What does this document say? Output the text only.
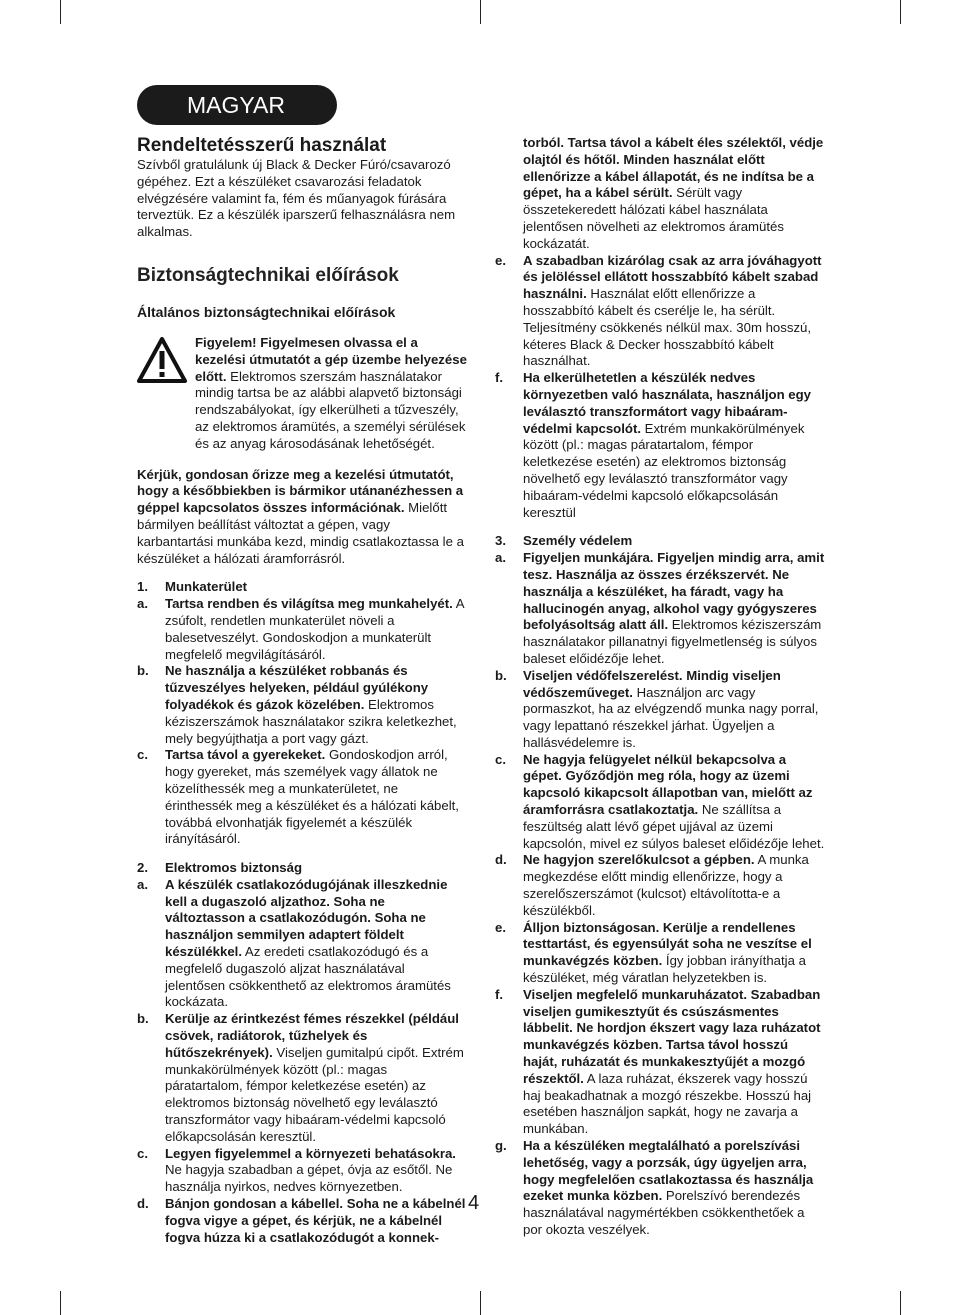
MAGYAR
Rendeltetésszerű használat

Szívből gratulálunk új Black & Decker Fúró/csavarozó gépéhez. Ezt a készüléket csavarozási feladatok elvégzésére valamint fa, fém és műanyagok fúrására terveztük. Ez a készülék iparszerű felhasználásra nem alkalmas.

Biztonságtechnikai előírások
Általános biztonságtechnikai előírások

Figyelem! Figyelmesen olvassa el a kezelési útmutatót a gép üzembe helyezése előtt. Elektromos szerszám használatakor mindig tartsa be az alábbi alapvető biztonsági rendszabályokat, így elkerülheti a tűzveszély, az elektromos áramütés, a személyi sérülések és az anyag károsodásának lehetőségét.

Kérjük, gondosan őrizze meg a kezelési útmutatót, hogy a későbbiekben is bármikor utánanézhessen a géppel kapcsolatos összes információnak. Mielőtt bármilyen beállítást változtat a gépen, vagy karbantartási munkába kezd, mindig csatlakoztassa le a készüléket a hálózati áramforrásról.

1.	Munkaterület
a.	Tartsa rendben és világítsa meg munkahelyét. A zsúfolt, rendetlen munkaterület növeli a balesetveszélyt. Gondoskodjon a munkaterült megfelelő megvilágításáról.
b.	Ne használja a készüléket robbanás és tűzveszélyes helyeken, például gyúlékony folyadékok és gázok közelében. Elektromos kéziszerszámok használatakor szikra keletkezhet, mely begyújthatja a port vagy gázt.
c.	Tartsa távol a gyerekeket. Gondoskodjon arról, hogy gyereket, más személyek vagy állatok ne közelíthessék meg a munkaterületet, ne érinthessék meg a készüléket és a hálózati kábelt, továbbá elvonhatják figyelemét a készülék irányításáról.
2.	Elektromos biztonság
a.	A készülék csatlakozódugójának illeszkednie kell a dugaszoló aljzathoz. Soha ne változtasson a csatlakozódugón. Soha ne használjon semmilyen adaptert földelt készülékkel. Az eredeti csatlakozódugó és a megfelelő dugaszoló aljzat használatával jelentősen csökkenthető az elektromos áramütés kockázata.
b.	Kerülje az érintkezést fémes részekkel (például csövek, radiátorok, tűzhelyek és hűtőszekrények). Viseljen gumitalpú cipőt. Extrém munkakörülmények között (pl.: magas páratartalom, fémpor keletkezése esetén) az elektromos biztonság növelhető egy leválasztó transzformátor vagy hibaáram-védelmi kapcsoló előkapcsolásán keresztül.
c.	Legyen figyelemmel a környezeti behatásokra. Ne hagyja szabadban a gépet, óvja az esőtől. Ne használja nyirkos, nedves környezetben.
d.	Bánjon gondosan a kábellel. Soha ne a kábelnél fogva vigye a gépet, és kérjük, ne a kábelnél fogva húzza ki a csatlakozódugót a konnek-
torból. Tartsa távol a kábelt éles szélektől, védje olajtól és hőtől. Minden használat előtt ellenőrizze a kábel állapotát, és ne indítsa be a gépet, ha a kábel sérült. Sérült vagy összetekeredett hálózati kábel használata jelentősen növelheti az elektromos áramütés kockázatát.
e.	A szabadban kizárólag csak az arra jóváhagyott és jelöléssel ellátott hosszabbító kábelt szabad használni. Használat előtt ellenőrizze a hosszabbító kábelt és cserélje le, ha sérült. Teljesítmény csökkenés nélkül max. 30m hosszú, kéteres Black & Decker hosszabbító kábelt használhat.
f.	Ha elkerülhetetlen a készülék nedves környezetben való használata, használjon egy leválasztó transzformátort vagy hibaáram-védelmi kapcsolót. Extrém munkakörülmények között (pl.: magas páratartalom, fémpor keletkezése esetén) az elektromos biztonság növelhető egy leválasztó transzformátor vagy hibaáram-védelmi kapcsoló előkapcsolásán keresztül
3.	Személy védelem
a.	Figyeljen munkájára. Figyeljen mindig arra, amit tesz. Használja az összes érzékszervét. Ne használja a készüléket, ha fáradt, vagy ha hallucinogén anyag, alkohol vagy gyógyszeres befolyásoltság alatt áll. Elektromos kéziszerszám használatakor pillanatnyi figyelmetlenség is súlyos baleset előidézője lehet.
b.	Viseljen védőfelszerelést. Mindig viseljen védőszeműveget. Használjon arc vagy pormaszkot, ha az elvégzendő munka nagy porral, vagy lepattanó részekkel járhat. Ügyeljen a hallásvédelemre is.
c.	Ne hagyja felügyelet nélkül bekapcsolva a gépet. Győződjön meg róla, hogy az üzemi kapcsoló kikapcsolt állapotban van, mielőtt az áramforrásra csatlakoztatja. Ne szállítsa a feszültség alatt lévő gépet ujjával az üzemi kapcsolón, mivel ez súlyos baleset előidézője lehet.
d.	Ne hagyjon szerelőkulcsot a gépben. A munka megkezdése előtt mindig ellenőrizze, hogy a szerelőszerszámot (kulcsot) eltávolította-e a készülékből.
e.	Álljon biztonságosan. Kerülje a rendellenes testtartást, és egyensúlyát soha ne veszítse el munkavégzés közben. Így jobban irányíthatja a készüléket, még váratlan helyzetekben is.
f.	Viseljen megfelelő munkaruházatot. Szabadban viseljen gumikesztyűt és csúszásmentes lábbelit. Ne hordjon ékszert vagy laza ruházatot munkavégzés közben. Tartsa távol hosszú haját, ruházatát és munkakesztyűjét a mozgó részektől. A laza ruházat, ékszerek vagy hosszú haj beakadhatnak a mozgó részekbe. Hosszú haj esetében használjon sapkát, hogy ne zavarja a munkában.
g.	Ha a készüléken megtalálható a porelszívási lehetőség, vagy a porzsák, úgy ügyeljen arra, hogy megfelelően csatlakoztassa és használja ezeket munka közben. Porelszívó berendezés használatával nagymértékben csökkenthetőek a por okozta veszélyek.
4
